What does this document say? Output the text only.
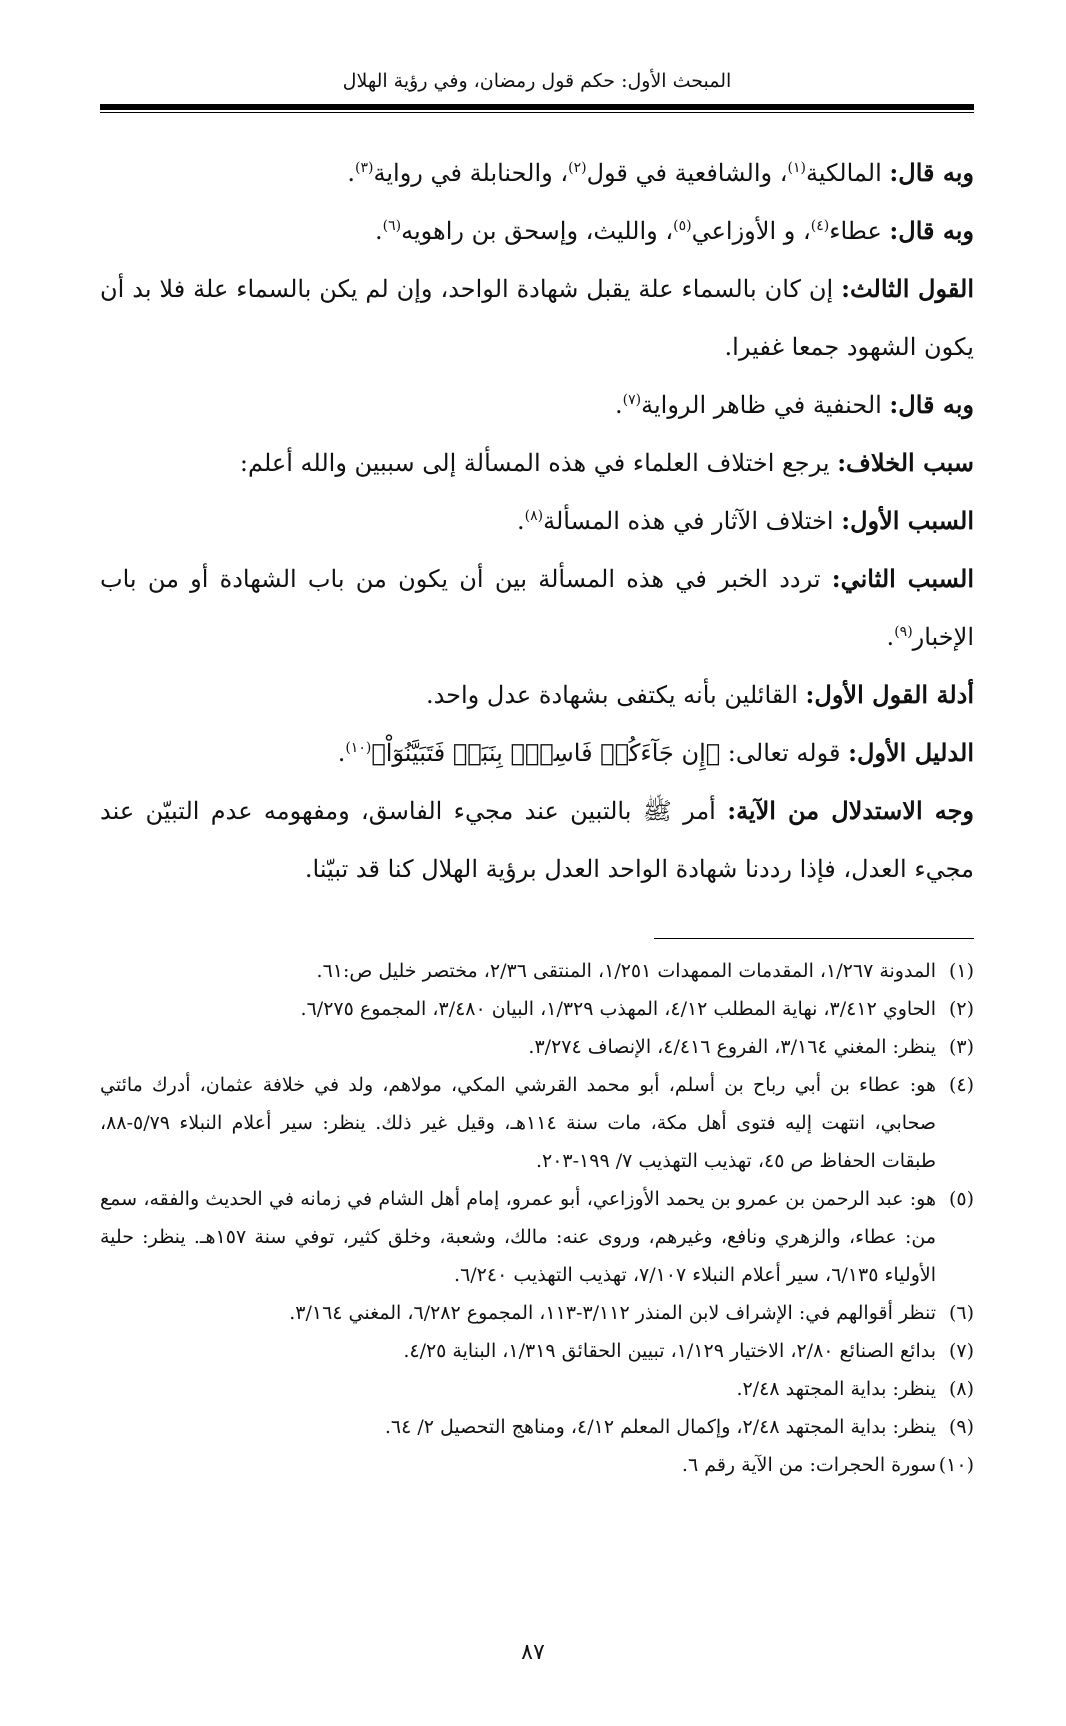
المبحث الأول: حكم قول رمضان، وفي رؤية الهلال

وبه قال: المالكية$^{(١)}$، والشافعية في قول$^{(٢)}$، والحنابلة في رواية$^{(٣)}$.

وبه قال: عطاء$^{(٤)}$، و الأوزاعي$^{(٥)}$، والليث، وإسحق بن راهويه$^{(٦)}$.

القول الثالث: إن كان بالسماء علة يقبل شهادة الواحد، وإن لم يكن بالسماء علة فلا بد أن يكون الشهود جمعا غفيرا.

وبه قال: الحنفية في ظاهر الرواية$^{(٧)}$.

سبب الخلاف: يرجع اختلاف العلماء في هذه المسألة إلى سببين والله أعلم:

السبب الأول: اختلاف الآثار في هذه المسألة$^{(٨)}$.

السبب الثاني: تردد الخبر في هذه المسألة بين أن يكون من باب الشهادة أو من باب الإخبار$^{(٩)}$.

أدلة القول الأول: القائلين بأنه يكتفى بشهادة عدل واحد.

الدليل الأول: قوله تعالى: ﴿إِن جَآءَكُمۡ فَاسِقُۢ بِنَبَإٖ فَتَبَيَّنُوٓاْ﴾$^{(١٠)}$.

وجه الاستدلال من الآية: أمر ﷺ بالتبين عند مجيء الفاسق، ومفهومه عدم التبيّن عند مجيء العدل، فإذا رددنا شهادة الواحد العدل برؤية الهلال كنا قد تبيّنا.

(١)المدونة ١/٢٦٧، المقدمات الممهدات ١/٢٥١، المنتقى ٢/٣٦، مختصر خليل ص:٦١.

(٢)الحاوي ٣/٤١٢، نهاية المطلب ٤/١٢، المهذب ١/٣٢٩، البيان ٣/٤٨٠، المجموع ٦/٢٧٥.

(٣)ينظر: المغني ٣/١٦٤، الفروع ٤/٤١٦، الإنصاف ٣/٢٧٤.

(٤)هو: عطاء بن أبي رباح بن أسلم، أبو محمد القرشي المكي، مولاهم، ولد في خلافة عثمان، أدرك مائتي صحابي، انتهت إليه فتوى أهل مكة، مات سنة ١١٤هـ، وقيل غير ذلك. ينظر: سير أعلام النبلاء ٥/٧٩-٨٨، طبقات الحفاظ ص ٤٥، تهذيب التهذيب ٧/ ١٩٩-٢٠٣.

(٥)هو: عبد الرحمن بن عمرو بن يحمد الأوزاعي، أبو عمرو، إمام أهل الشام في زمانه في الحديث والفقه، سمع من: عطاء، والزهري ونافع، وغيرهم، وروى عنه: مالك، وشعبة، وخلق كثير، توفي سنة ١٥٧هـ. ينظر: حلية الأولياء ٦/١٣٥، سير أعلام النبلاء ٧/١٠٧، تهذيب التهذيب ٦/٢٤٠.

(٦)تنظر أقوالهم في: الإشراف لابن المنذر ٣/١١٢-١١٣، المجموع ٦/٢٨٢، المغني ٣/١٦٤.

(٧)بدائع الصنائع ٢/٨٠، الاختيار ١/١٢٩، تبيين الحقائق ١/٣١٩، البناية ٤/٢٥.

(٨)ينظر: بداية المجتهد ٢/٤٨.

(٩)ينظر: بداية المجتهد ٢/٤٨، وإكمال المعلم ٤/١٢، ومناهج التحصيل ٢/ ٦٤.

(١٠)سورة الحجرات: من الآية رقم ٦.

٨٧
